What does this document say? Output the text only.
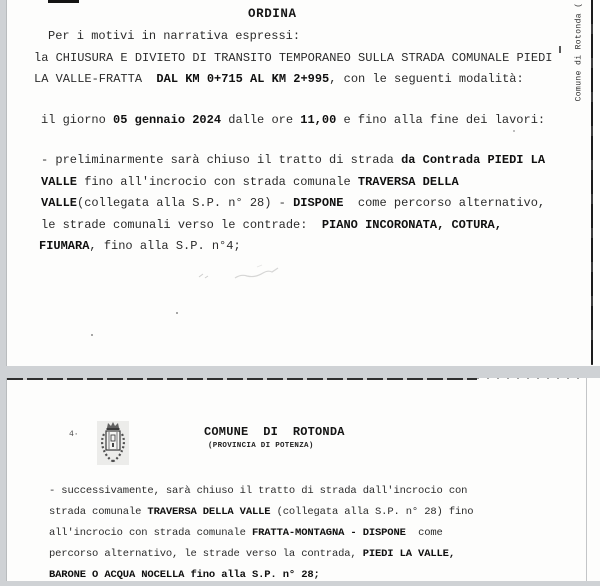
ORDINA
Per i motivi in narrativa espressi:
la CHIUSURA E DIVIETO DI TRANSITO TEMPORANEO SULLA STRADA COMUNALE PIEDI
LA VALLE-FRATTA  DAL KM 0+715 AL KM 2+995, con le seguenti modalità:
il giorno 05 gennaio 2024 dalle ore 11,00 e fino alla fine dei lavori:
- preliminarmente sarà chiuso il tratto di strada da Contrada PIEDI LA
VALLE fino all'incrocio con strada comunale TRAVERSA DELLA
VALLE(collegata alla S.P. n° 28) - DISPONE  come percorso alternativo,
le strade comunali verso le contrade:  PIANO INCORONATA, COTURA,
FIUMARA, fino alla S.P. n°4;
Comune di Rotonda (
4·	COMUNE  DI  ROTONDA
(PROVINCIA DI POTENZA)
- successivamente, sarà chiuso il tratto di strada dall'incrocio con
strada comunale TRAVERSA DELLA VALLE (collegata alla S.P. n° 28) fino
all'incrocio con strada comunale FRATTA-MONTAGNA - DISPONE  come
percorso alternativo, le strade verso la contrada, PIEDI LA VALLE,
BARONE O ACQUA NOCELLA fino alla S.P. n° 28;
